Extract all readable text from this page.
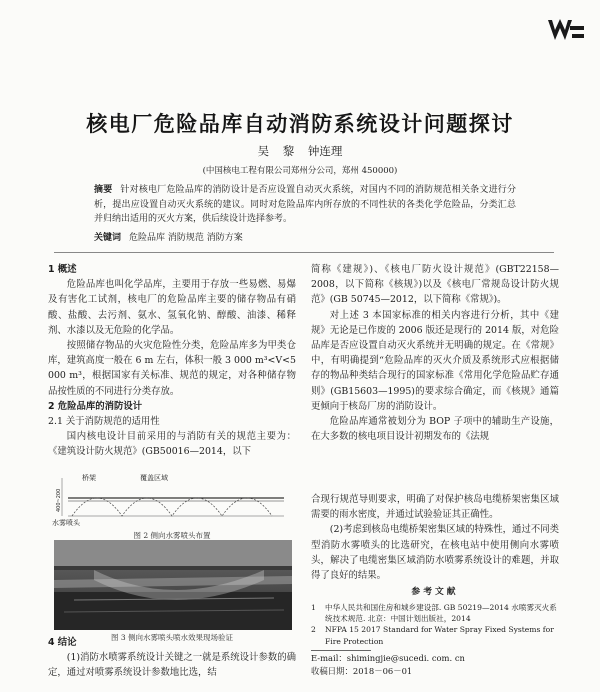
核电厂危险品库自动消防系统设计问题探讨
吴 黎 钟连理
(中国核电工程有限公司郑州分公司，郑州 450000)
摘要 针对核电厂危险品库的消防设计是否应设置自动灭火系统，对国内不同的消防规范相关条文进行分析，提出应设置自动灭火系统的建议。同时对危险品库内所存放的不同性状的各类化学危险品，分类汇总并归纳出适用的灭火方案，供后续设计选择参考。
关键词 危险品库 消防规范 消防方案
1 概述

危险品库也叫化学品库，主要用于存放一些易燃、易爆及有害化工试剂，核电厂的危险品库主要的储存物品有硝酸、盐酸、去污剂、氨水、氢氧化钠、醇酸、油漆、稀释剂、水漆以及无危险的化学品。

按照储存物品的火灾危险性分类，危险品库多为甲类仓库，建筑高度一般在 6 m 左右，体积一般 3 000 m³<V<5 000 m³，根据国家有关标准、规范的规定，对各种储存物品按性质的不同进行分类存放。

2 危险品库的消防设计
2.1 关于消防规范的适用性

国内核电设计目前采用的与消防有关的规范主要为：《建筑设计防火规范》(GB50016—2014，以下

桥架	覆盖区域
水雾喷头
400~200
图 2 侧向水雾喷头布置
图 3 侧向水雾喷头喷水效果现场验证
4 结论

(1)消防水喷雾系统设计关键之一就是系统设计参数的确定，通过对喷雾系统设计参数地比选，结

简称《建规》)、《核电厂防火设计规范》(GBT22158—2008，以下简称《核规》)以及《核电厂常规岛设计防火规范》(GB 50745—2012，以下简称《常规》)。

对上述 3 本国家标准的相关内容进行分析，其中《建规》无论是已作废的 2006 版还是现行的 2014 版，对危险品库是否应设置自动灭火系统并无明确的规定。在《常规》中，有明确提到“危险品库的灭火介质及系统形式应根据储存的物品种类结合现行的国家标准《常用化学危险品贮存通则》(GB15603—1995)的要求综合确定，而《核规》通篇更倾向于核岛厂房的消防设计。

危险品库通常被划分为 BOP 子项中的辅助生产设施，在大多数的核电项目设计初期发布的《法规

合现行规范导则要求，明确了对保护核岛电缆桥架密集区域需要的雨水密度，并通过试验验证其正确性。

(2)考虑到核岛电缆桥架密集区域的特殊性，通过不同类型消防水雾喷头的比选研究，在核电站中使用侧向水雾喷头，解决了电缆密集区域消防水喷雾系统设计的难题，并取得了良好的结果。

参考文献
1	中华人民共和国住房和城乡建设部. GB 50219—2014 水喷雾灭火系统技术规范. 北京：中国计划出版社，2014
2	NFPA 15 2017 Standard for Water Spray Fixed Systems for Fire Protection
E-mail：shimingjie@sucedi. com. cn
收稿日期：2018－06－01
